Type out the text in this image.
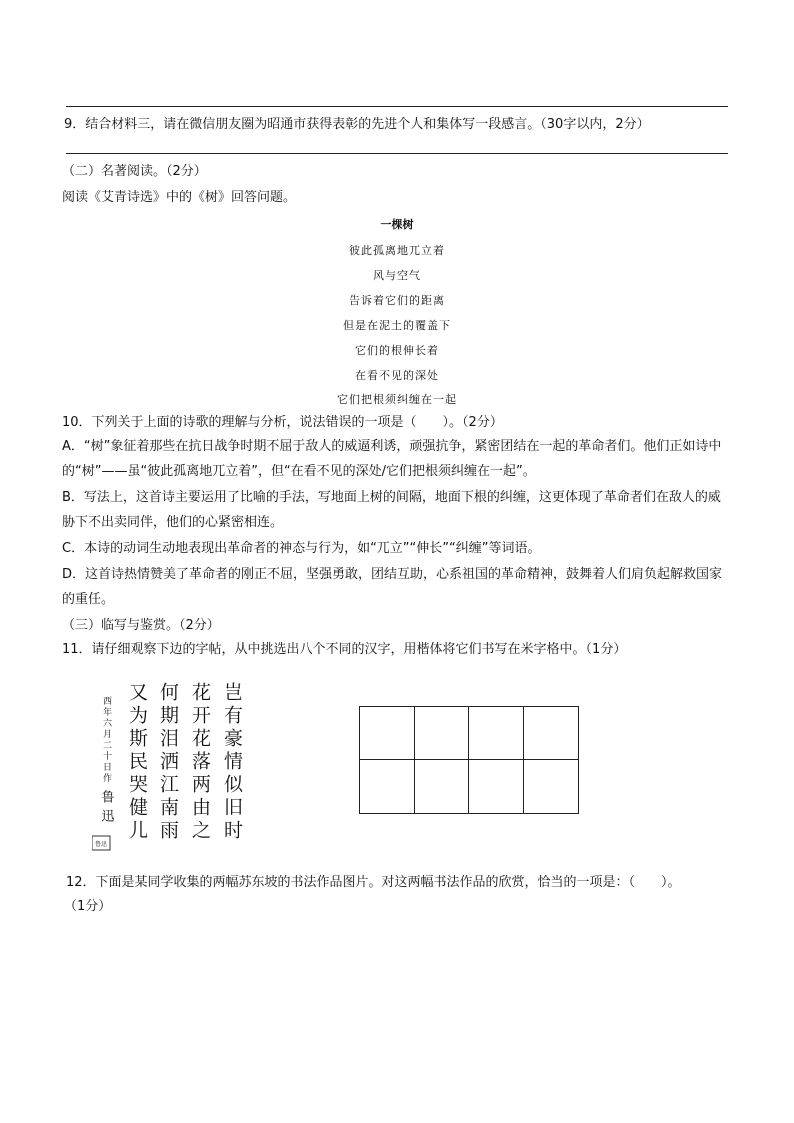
9．结合材料三，请在微信朋友圈为昭通市获得表彰的先进个人和集体写一段感言。（30字以内，2分）
（二）名著阅读。（2分）
阅读《艾青诗选》中的《树》回答问题。
一棵树
彼此孤离地兀立着
风与空气
告诉着它们的距离
但是在泥土的覆盖下
它们的根伸长着
在看不见的深处
它们把根须纠缠在一起
10．下列关于上面的诗歌的理解与分析，说法错误的一项是（　　）。（2分）
A．“树”象征着那些在抗日战争时期不屈于敌人的威逼利诱，顽强抗争，紧密团结在一起的革命者们。他们正如诗中的“树”——虽“彼此孤离地兀立着”，但“在看不见的深处/它们把根须纠缠在一起”。
B．写法上，这首诗主要运用了比喻的手法，写地面上树的间隔，地面下根的纠缠，这更体现了革命者们在敌人的威胁下不出卖同伴，他们的心紧密相连。
C．本诗的动词生动地表现出革命者的神态与行为，如“兀立”“伸长”“纠缠”等词语。
D．这首诗热情赞美了革命者的刚正不屈，坚强勇敢，团结互助，心系祖国的革命精神，鼓舞着人们肩负起解救国家的重任。
（三）临写与鉴赏。（2分）
11．请仔细观察下边的字帖，从中挑选出八个不同的汉字，用楷体将它们书写在米字格中。（1分）
岂有豪情似旧时
花开花落两由之
何期泪洒江南雨
又为斯民哭健儿
西年六月二十日作
鲁迅
鲁迅
12．下面是某同学收集的两幅苏东坡的书法作品图片。对这两幅书法作品的欣赏，恰当的一项是：（　　）。
（1分）
